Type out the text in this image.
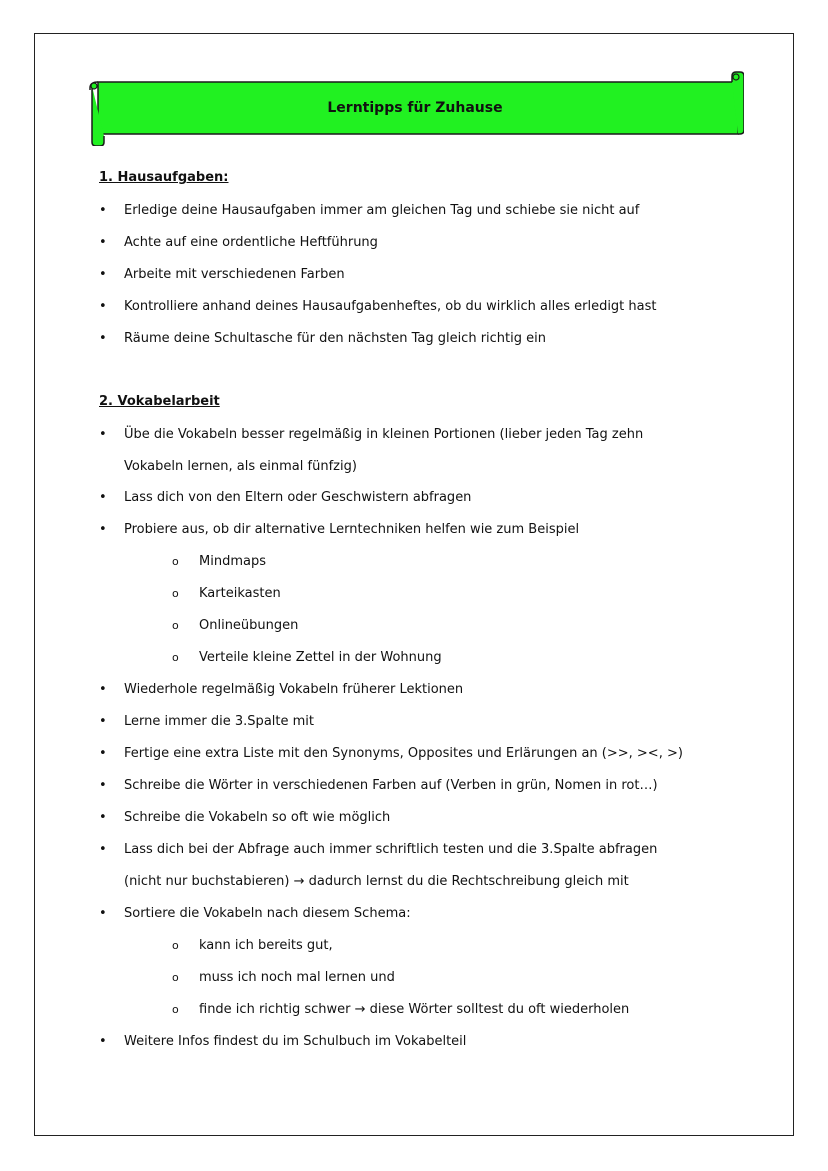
Lerntipps für Zuhause
1. Hausaufgaben:
•	Erledige deine Hausaufgaben immer am gleichen Tag und schiebe sie nicht auf
•	Achte auf eine ordentliche Heftführung
•	Arbeite mit verschiedenen Farben
•	Kontrolliere anhand deines Hausaufgabenheftes, ob du wirklich alles erledigt hast
•	Räume deine Schultasche für den nächsten Tag gleich richtig ein
2. Vokabelarbeit
•	Übe die Vokabeln besser regelmäßig in kleinen Portionen (lieber jeden Tag zehn
Vokabeln lernen, als einmal fünfzig)
•	Lass dich von den Eltern oder Geschwistern abfragen
•	Probiere aus, ob dir alternative Lerntechniken helfen wie zum Beispiel
o	Mindmaps
o	Karteikasten
o	Onlineübungen
o	Verteile kleine Zettel in der Wohnung
•	Wiederhole regelmäßig Vokabeln früherer Lektionen
•	Lerne immer die 3.Spalte mit
•	Fertige eine extra Liste mit den Synonyms, Opposites und Erlärungen an (>>, ><, >)
•	Schreibe die Wörter in verschiedenen Farben auf (Verben in grün, Nomen in rot…)
•	Schreibe die Vokabeln so oft wie möglich
•	Lass dich bei der Abfrage auch immer schriftlich testen und die 3.Spalte abfragen
(nicht nur buchstabieren) → dadurch lernst du die Rechtschreibung gleich mit
•	Sortiere die Vokabeln nach diesem Schema:
o	kann ich bereits gut,
o	muss ich noch mal lernen und
o	finde ich richtig schwer → diese Wörter solltest du oft wiederholen
•	Weitere Infos findest du im Schulbuch im Vokabelteil
